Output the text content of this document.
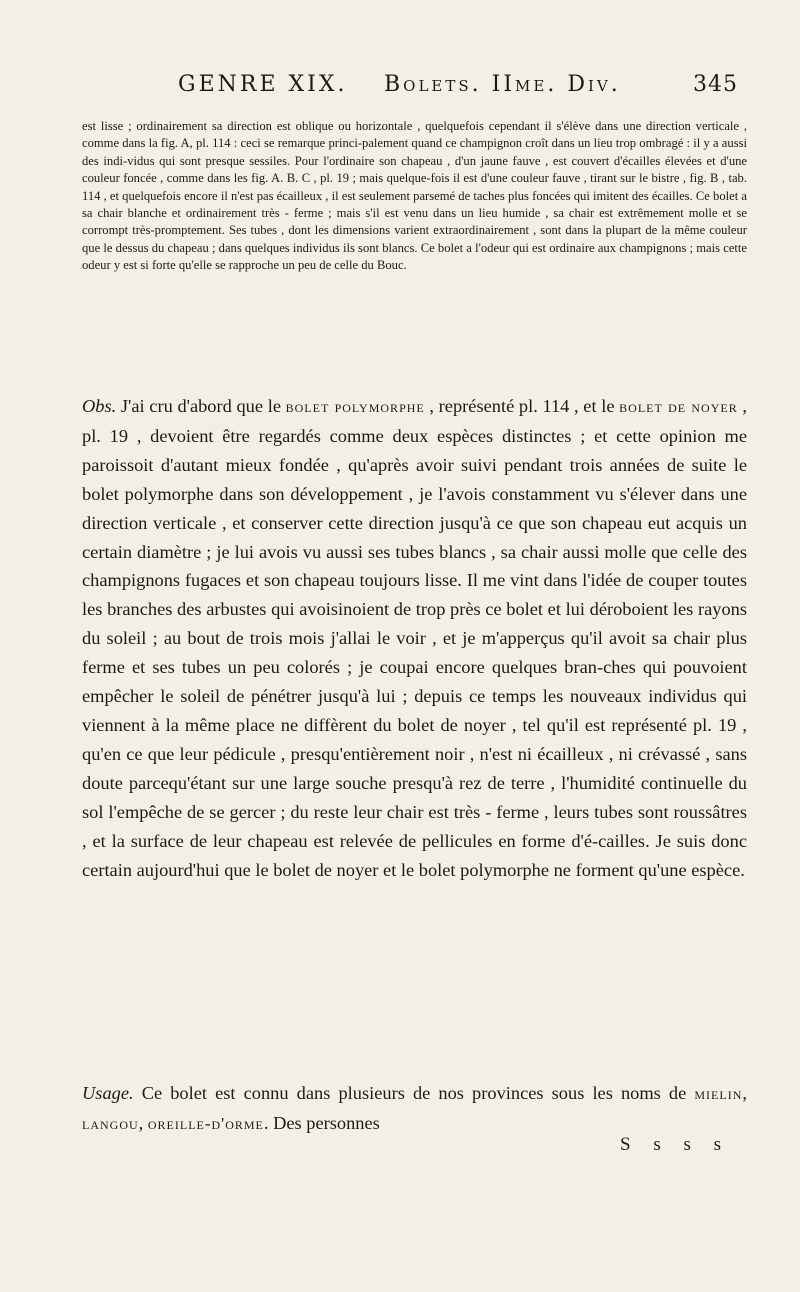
GENRE XIX. Bolets. IIme. Div.	345

est lisse ; ordinairement sa direction est oblique ou horizontale , quelquefois cependant il s'élève dans une direction verticale , comme dans la fig. A, pl. 114 : ceci se remarque princi-palement quand ce champignon croît dans un lieu trop ombragé : il y a aussi des indi-vidus qui sont presque sessiles. Pour l'ordinaire son chapeau , d'un jaune fauve , est couvert d'écailles élevées et d'une couleur foncée , comme dans les fig. A. B. C , pl. 19 ; mais quelque-fois il est d'une couleur fauve , tirant sur le bistre , fig. B , tab. 114 , et quelquefois encore il n'est pas écailleux , il est seulement parsemé de taches plus foncées qui imitent des écailles. Ce bolet a sa chair blanche et ordinairement très - ferme ; mais s'il est venu dans un lieu humide , sa chair est extrêmement molle et se corrompt très-promptement. Ses tubes , dont les dimensions varient extraordinairement , sont dans la plupart de la même couleur que le dessus du chapeau ; dans quelques individus ils sont blancs. Ce bolet a l'odeur qui est ordinaire aux champignons ; mais cette odeur y est si forte qu'elle se rapproche un peu de celle du Bouc.

Obs. J'ai cru d'abord que le bolet polymorphe , représenté pl. 114 , et le bolet de noyer , pl. 19 , devoient être regardés comme deux espèces distinctes ; et cette opinion me paroissoit d'autant mieux fondée , qu'après avoir suivi pendant trois années de suite le bolet polymorphe dans son développement , je l'avois constamment vu s'élever dans une direction verticale , et conserver cette direction jusqu'à ce que son chapeau eut acquis un certain diamètre ; je lui avois vu aussi ses tubes blancs , sa chair aussi molle que celle des champignons fugaces et son chapeau toujours lisse. Il me vint dans l'idée de couper toutes les branches des arbustes qui avoisinoient de trop près ce bolet et lui déroboient les rayons du soleil ; au bout de trois mois j'allai le voir , et je m'apperçus qu'il avoit sa chair plus ferme et ses tubes un peu colorés ; je coupai encore quelques bran-ches qui pouvoient empêcher le soleil de pénétrer jusqu'à lui ; depuis ce temps les nouveaux individus qui viennent à la même place ne diffèrent du bolet de noyer , tel qu'il est représenté pl. 19 , qu'en ce que leur pédicule , presqu'entièrement noir , n'est ni écailleux , ni crévassé , sans doute parcequ'étant sur une large souche presqu'à rez de terre , l'humidité continuelle du sol l'empêche de se gercer ; du reste leur chair est très - ferme , leurs tubes sont roussâtres , et la surface de leur chapeau est relevée de pellicules en forme d'é-cailles. Je suis donc certain aujourd'hui que le bolet de noyer et le bolet polymorphe ne forment qu'une espèce.

Usage. Ce bolet est connu dans plusieurs de nos provinces sous les noms de mielin, langou, oreille-d'orme. Des personnes

S s s s
